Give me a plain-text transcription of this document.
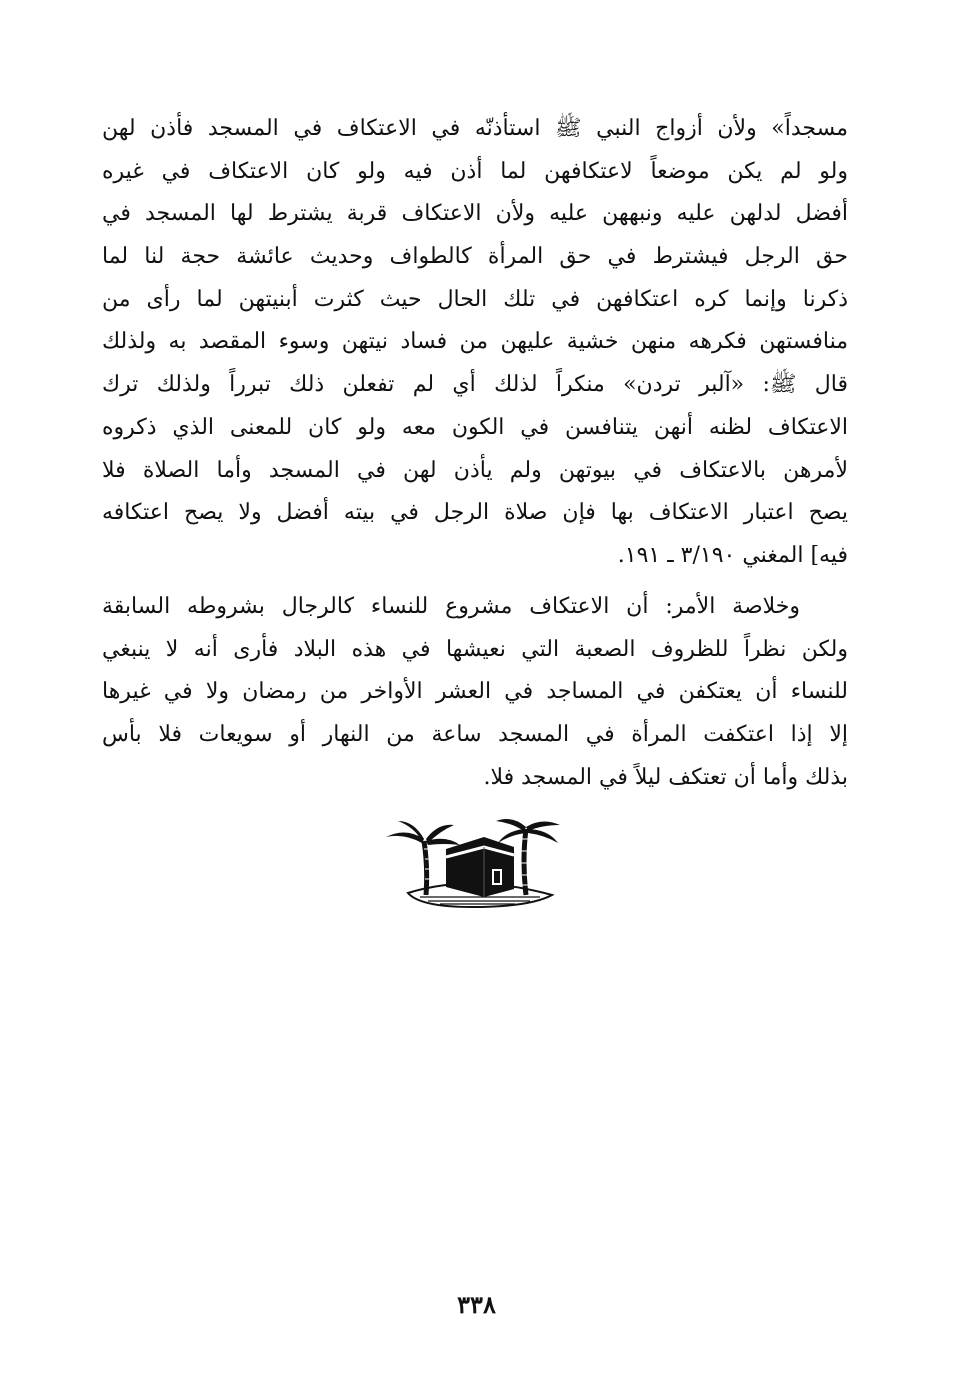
مسجداً» ولأن أزواج النبي ﷺ استأذنّه في الاعتكاف في المسجد فأذن لهن
ولو لم يكن موضعاً لاعتكافهن لما أذن فيه ولو كان الاعتكاف في غيره
أفضل لدلهن عليه ونبههن عليه ولأن الاعتكاف قربة يشترط لها المسجد في
حق الرجل فيشترط في حق المرأة كالطواف وحديث عائشة حجة لنا لما
ذكرنا وإنما كره اعتكافهن في تلك الحال حيث كثرت أبنيتهن لما رأى من
منافستهن فكرهه منهن خشية عليهن من فساد نيتهن وسوء المقصد به ولذلك
قال ﷺ: «آلبر تردن» منكراً لذلك أي لم تفعلن ذلك تبرراً ولذلك ترك
الاعتكاف لظنه أنهن يتنافسن في الكون معه ولو كان للمعنى الذي ذكروه
لأمرهن بالاعتكاف في بيوتهن ولم يأذن لهن في المسجد وأما الصلاة فلا
يصح اعتبار الاعتكاف بها فإن صلاة الرجل في بيته أفضل ولا يصح اعتكافه
فيه] المغني ٣/١٩٠ ـ ١٩١.
وخلاصة الأمر: أن الاعتكاف مشروع للنساء كالرجال بشروطه السابقة
ولكن نظراً للظروف الصعبة التي نعيشها في هذه البلاد فأرى أنه لا ينبغي
للنساء أن يعتكفن في المساجد في العشر الأواخر من رمضان ولا في غيرها
إلا إذا اعتكفت المرأة في المسجد ساعة من النهار أو سويعات فلا بأس
بذلك وأما أن تعتكف ليلاً في المسجد فلا.
٣٣٨
